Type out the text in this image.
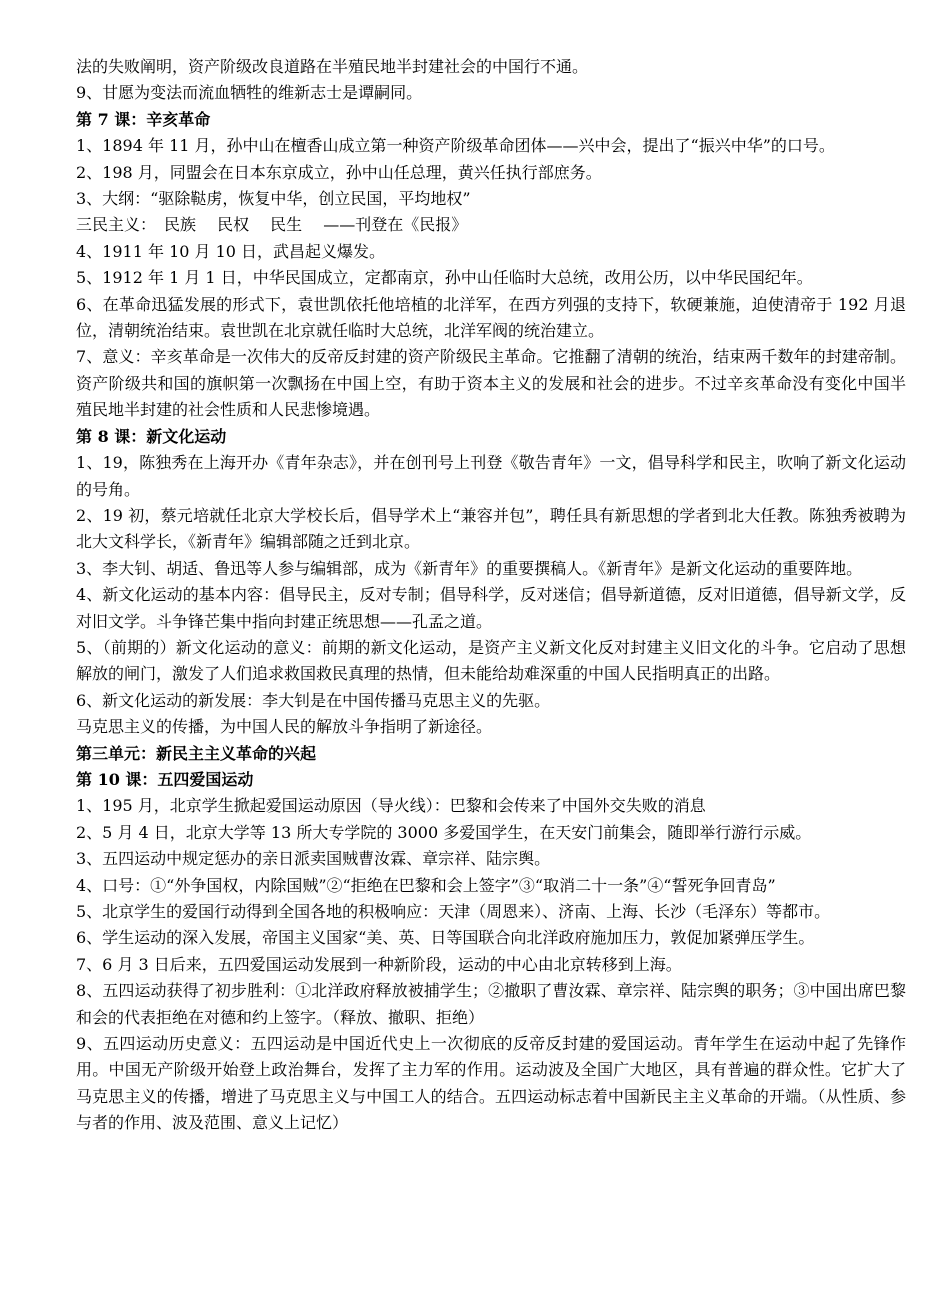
法的失败阐明，资产阶级改良道路在半殖民地半封建社会的中国行不通。

9、甘愿为变法而流血牺牲的维新志士是谭嗣同。

第 7 课：辛亥革命

1、1894 年 11 月，孙中山在檀香山成立第一种资产阶级革命团体——兴中会，提出了“振兴中华”的口号。

2、198 月，同盟会在日本东京成立，孙中山任总理，黄兴任执行部庶务。

3、大纲：“驱除鞑虏，恢复中华，创立民国，平均地权”

三民主义：　民族　 民权　 民生　 ——刊登在《民报》

4、1911 年 10 月 10 日，武昌起义爆发。

5、1912 年 1 月 1 日，中华民国成立，定都南京，孙中山任临时大总统，改用公历，以中华民国纪年。

6、在革命迅猛发展的形式下，袁世凯依托他培植的北洋军，在西方列强的支持下，软硬兼施，迫使清帝于 192 月退位，清朝统治结束。袁世凯在北京就任临时大总统，北洋军阀的统治建立。

7、意义：辛亥革命是一次伟大的反帝反封建的资产阶级民主革命。它推翻了清朝的统治，结束两千数年的封建帝制。资产阶级共和国的旗帜第一次飘扬在中国上空，有助于资本主义的发展和社会的进步。不过辛亥革命没有变化中国半殖民地半封建的社会性质和人民悲惨境遇。

第 8 课：新文化运动

1、19，陈独秀在上海开办《青年杂志》，并在创刊号上刊登《敬告青年》一文，倡导科学和民主，吹响了新文化运动的号角。

2、19 初，蔡元培就任北京大学校长后，倡导学术上“兼容并包”，聘任具有新思想的学者到北大任教。陈独秀被聘为北大文科学长，《新青年》编辑部随之迁到北京。

3、李大钊、胡适、鲁迅等人参与编辑部，成为《新青年》的重要撰稿人。《新青年》是新文化运动的重要阵地。

4、新文化运动的基本内容：倡导民主，反对专制；倡导科学，反对迷信；倡导新道德，反对旧道德，倡导新文学，反对旧文学。斗争锋芒集中指向封建正统思想——孔孟之道。

5、（前期的）新文化运动的意义：前期的新文化运动，是资产主义新文化反对封建主义旧文化的斗争。它启动了思想解放的闸门，激发了人们追求救国救民真理的热情，但未能给劫难深重的中国人民指明真正的出路。

6、新文化运动的新发展：李大钊是在中国传播马克思主义的先驱。

马克思主义的传播，为中国人民的解放斗争指明了新途径。

第三单元：新民主主义革命的兴起

第 10 课：五四爱国运动

1、195 月，北京学生掀起爱国运动原因（导火线）：巴黎和会传来了中国外交失败的消息

2、5 月 4 日，北京大学等 13 所大专学院的 3000 多爱国学生，在天安门前集会，随即举行游行示威。

3、五四运动中规定惩办的亲日派卖国贼曹汝霖、章宗祥、陆宗舆。

4、口号：①“外争国权，内除国贼”②“拒绝在巴黎和会上签字”③“取消二十一条”④“誓死争回青岛”

5、北京学生的爱国行动得到全国各地的积极响应：天津（周恩来）、济南、上海、长沙（毛泽东）等都市。

6、学生运动的深入发展，帝国主义国家“美、英、日等国联合向北洋政府施加压力，敦促加紧弹压学生。

7、6 月 3 日后来，五四爱国运动发展到一种新阶段，运动的中心由北京转移到上海。

8、五四运动获得了初步胜利：①北洋政府释放被捕学生；②撤职了曹汝霖、章宗祥、陆宗舆的职务；③中国出席巴黎和会的代表拒绝在对德和约上签字。（释放、撤职、拒绝）

9、五四运动历史意义：五四运动是中国近代史上一次彻底的反帝反封建的爱国运动。青年学生在运动中起了先锋作用。中国无产阶级开始登上政治舞台，发挥了主力军的作用。运动波及全国广大地区，具有普遍的群众性。它扩大了马克思主义的传播，增进了马克思主义与中国工人的结合。五四运动标志着中国新民主主义革命的开端。（从性质、参与者的作用、波及范围、意义上记忆）
